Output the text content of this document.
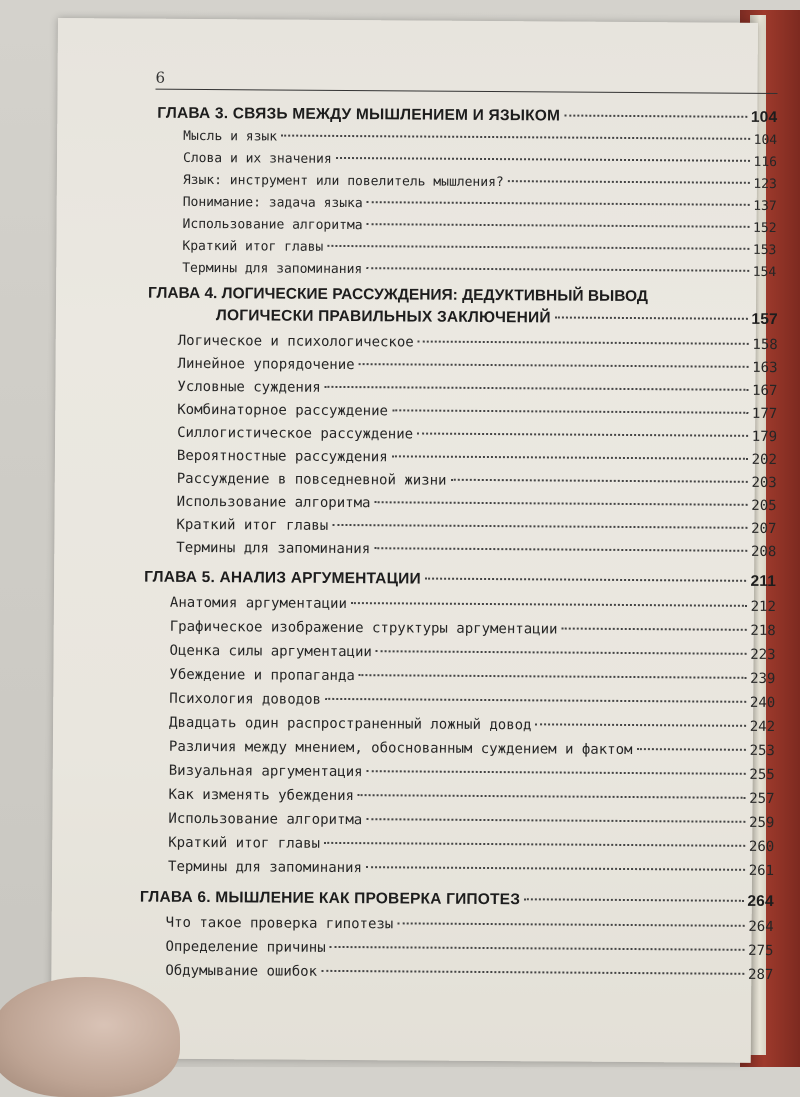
6
ГЛАВА 3. СВЯЗЬ МЕЖДУ МЫШЛЕНИЕМ И ЯЗЫКОМ	104
Мысль и язык	104
Слова и их значения	116
Язык: инструмент или повелитель мышления?	123
Понимание: задача языка	137
Использование алгоритма	152
Краткий итог главы	153
Термины для запоминания	154
ГЛАВА 4. ЛОГИЧЕСКИЕ РАССУЖДЕНИЯ: ДЕДУКТИВНЫЙ ВЫВОД
ЛОГИЧЕСКИ ПРАВИЛЬНЫХ ЗАКЛЮЧЕНИЙ	157
Логическое и психологическое	158
Линейное упорядочение	163
Условные суждения	167
Комбинаторное рассуждение	177
Силлогистическое рассуждение	179
Вероятностные рассуждения	202
Рассуждение в повседневной жизни	203
Использование алгоритма	205
Краткий итог главы	207
Термины для запоминания	208
ГЛАВА 5. АНАЛИЗ АРГУМЕНТАЦИИ	211
Анатомия аргументации	212
Графическое изображение структуры аргументации	218
Оценка силы аргументации	223
Убеждение и пропаганда	239
Психология доводов	240
Двадцать один распространенный ложный довод	242
Различия между мнением, обоснованным суждением и фактом	253
Визуальная аргументация	255
Как изменять убеждения	257
Использование алгоритма	259
Краткий итог главы	260
Термины для запоминания	261
ГЛАВА 6. МЫШЛЕНИЕ КАК ПРОВЕРКА ГИПОТЕЗ	264
Что такое проверка гипотезы	264
Определение причины	275
Обдумывание ошибок	287
